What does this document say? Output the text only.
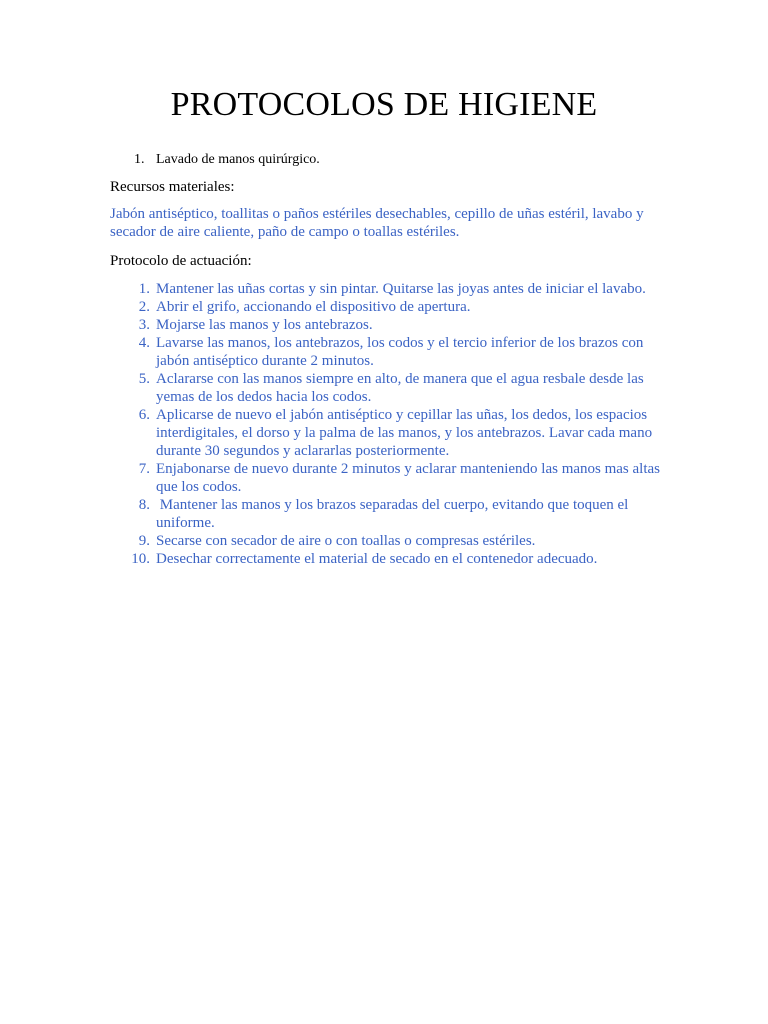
PROTOCOLOS DE HIGIENE
1. Lavado de manos quirúrgico.

Recursos materiales:

Jabón antiséptico, toallitas o paños estériles desechables, cepillo de uñas estéril, lavabo y secador de aire caliente, paño de campo o toallas estériles.

Protocolo de actuación:

1. Mantener las uñas cortas y sin pintar. Quitarse las joyas antes de iniciar el lavabo.
2. Abrir el grifo, accionando el dispositivo de apertura.
3. Mojarse las manos y los antebrazos.
4. Lavarse las manos, los antebrazos, los codos y el tercio inferior de los brazos con jabón antiséptico durante 2 minutos.
5. Aclararse con las manos siempre en alto, de manera que el agua resbale desde las yemas de los dedos hacia los codos.
6. Aplicarse de nuevo el jabón antiséptico y cepillar las uñas, los dedos, los espacios interdigitales, el dorso y la palma de las manos, y los antebrazos. Lavar cada mano durante 30 segundos y aclararlas posteriormente.
7. Enjabonarse de nuevo durante 2 minutos y aclarar manteniendo las manos mas altas que los codos.
8. Mantener las manos y los brazos separadas del cuerpo, evitando que toquen el uniforme.
9. Secarse con secador de aire o con toallas o compresas estériles.
10. Desechar correctamente el material de secado en el contenedor adecuado.
